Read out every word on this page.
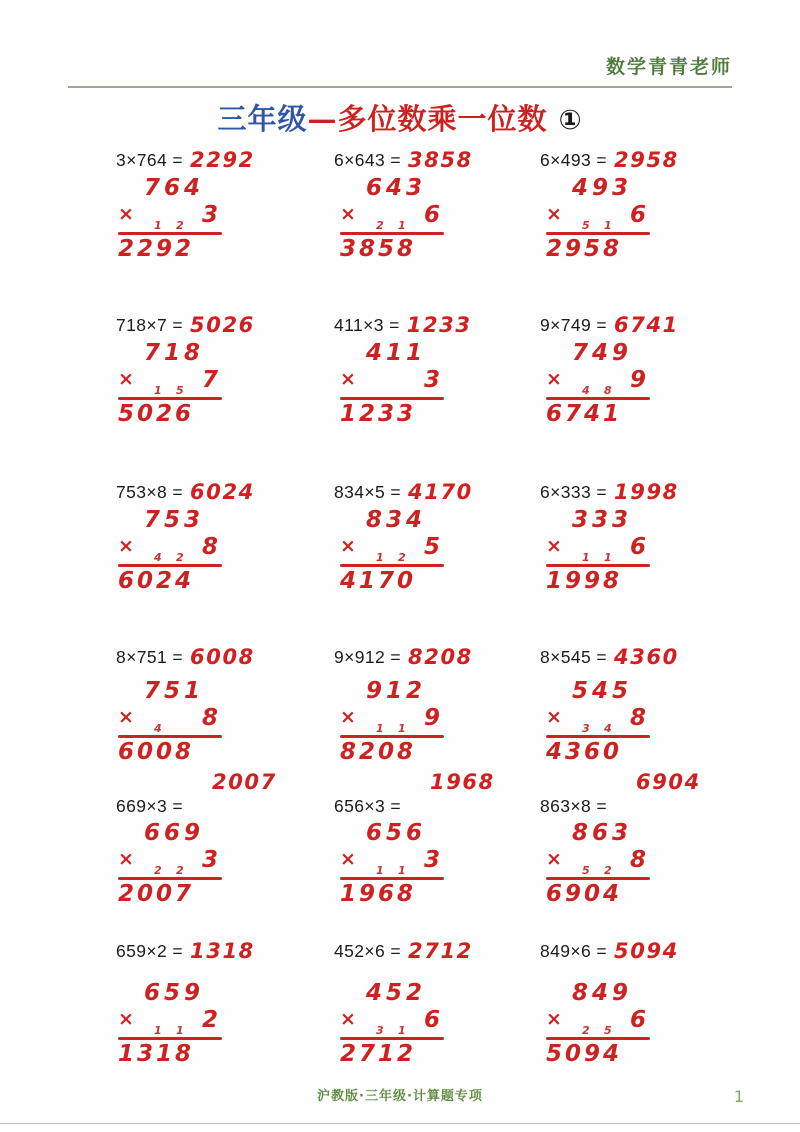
数学青青老师
三年级—多位数乘一位数 ①
3×764 = 2292
764
×
1 2 3
2292
6×643 = 3858
643
×
2 1 6
3858
6×493 = 2958
493
×
5 1 6
2958
718×7 = 5026
718
×
1 5 7
5026
411×3 = 1233
411
×	3
1233
9×749 = 6741
749
×
4 8 9
6741
753×8 = 6024
753
×
4 2 8
6024
834×5 = 4170
834
×
1 2 5
4170
6×333 = 1998
333
×
1 1 6
1998
8×751 = 6008
751
×
4 8
6008
9×912 = 8208
912
×
1 1 9
8208
8×545 = 4360
545
×
3 4 8
4360
669×3 =
2007
669
×
2 2 3
2007
656×3 =
1968
656
×
1 1 3
1968
863×8 =
6904
863
×
5 2 8
6904
659×2 = 1318
659
×
1 1 2
1318
452×6 = 2712
452
×
3 1 6
2712
849×6 = 5094
849
×
2 5 6
5094
沪教版·三年级·计算题专项	1
